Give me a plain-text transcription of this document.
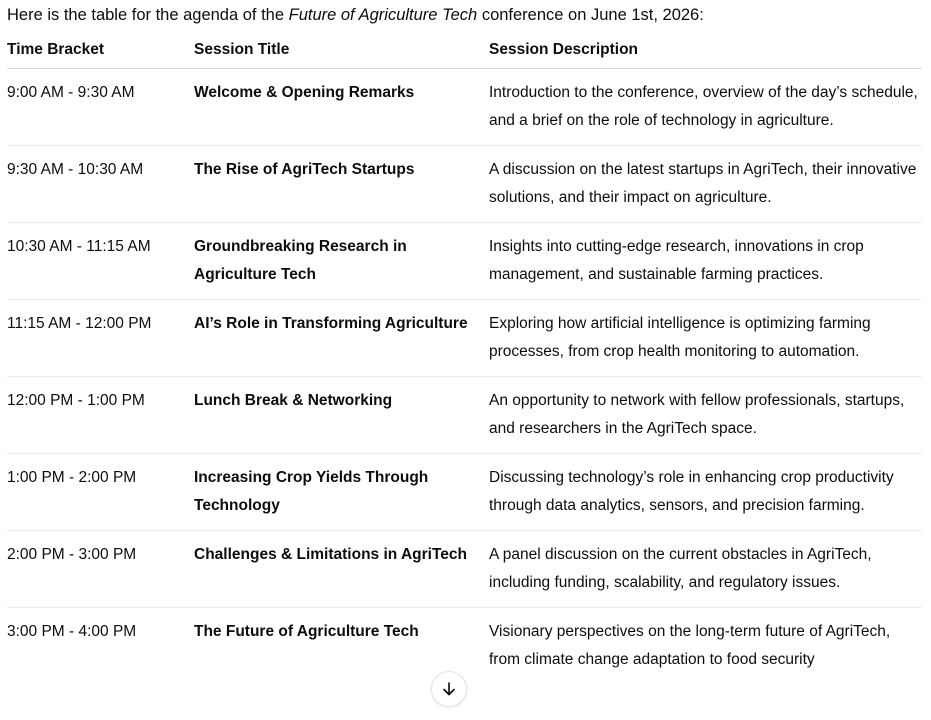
Here is the table for the agenda of the Future of Agriculture Tech conference on June 1st, 2026:
Time Bracket	Session Title	Session Description
9:00 AM - 9:30 AM	Welcome & Opening Remarks	Introduction to the conference, overview of the day’s schedule, and a brief on the role of technology in agriculture.
9:30 AM - 10:30 AM	The Rise of AgriTech Startups	A discussion on the latest startups in AgriTech, their innovative solutions, and their impact on agriculture.
10:30 AM - 11:15 AM	Groundbreaking Research in Agriculture Tech	Insights into cutting-edge research, innovations in crop management, and sustainable farming practices.
11:15 AM - 12:00 PM	AI’s Role in Transforming Agriculture	Exploring how artificial intelligence is optimizing farming processes, from crop health monitoring to automation.
12:00 PM - 1:00 PM	Lunch Break & Networking	An opportunity to network with fellow professionals, startups, and researchers in the AgriTech space.
1:00 PM - 2:00 PM	Increasing Crop Yields Through Technology	Discussing technology’s role in enhancing crop productivity through data analytics, sensors, and precision farming.
2:00 PM - 3:00 PM	Challenges & Limitations in AgriTech	A panel discussion on the current obstacles in AgriTech, including funding, scalability, and regulatory issues.
3:00 PM - 4:00 PM	The Future of Agriculture Tech	Visionary perspectives on the long-term future of AgriTech, from climate change adaptation to food security
